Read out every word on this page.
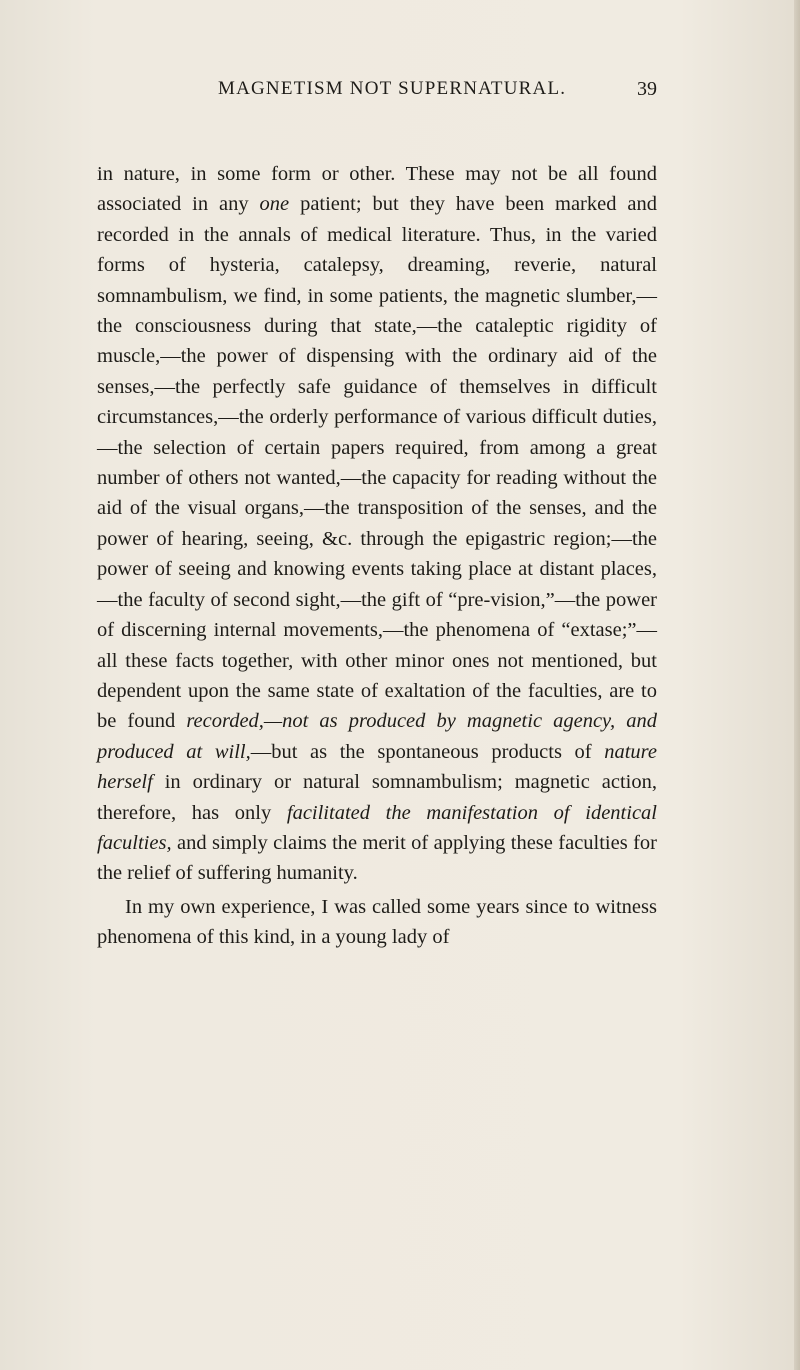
MAGNETISM NOT SUPERNATURAL.	39

in nature, in some form or other. These may not be all found associated in any one patient; but they have been marked and recorded in the annals of medical literature. Thus, in the varied forms of hysteria, catalepsy, dreaming, reverie, natural somnambulism, we find, in some patients, the magnetic slumber,—the consciousness during that state,—the cataleptic rigidity of muscle,—the power of dispensing with the ordinary aid of the senses,—the perfectly safe guidance of themselves in difficult circumstances,—the orderly performance of various difficult duties,—the selection of certain papers required, from among a great number of others not wanted,—the capacity for reading without the aid of the visual organs,—the transposition of the senses, and the power of hearing, seeing, &c. through the epigastric region;—the power of seeing and knowing events taking place at distant places,—the faculty of second sight,—the gift of “pre-vision,”—the power of discerning internal movements,—the phenomena of “extase;”—all these facts together, with other minor ones not mentioned, but dependent upon the same state of exaltation of the faculties, are to be found recorded,—not as produced by magnetic agency, and produced at will,—but as the spontaneous products of nature herself in ordinary or natural somnambulism; magnetic action, therefore, has only facilitated the manifestation of identical faculties, and simply claims the merit of applying these faculties for the relief of suffering humanity.

In my own experience, I was called some years since to witness phenomena of this kind, in a young lady of
